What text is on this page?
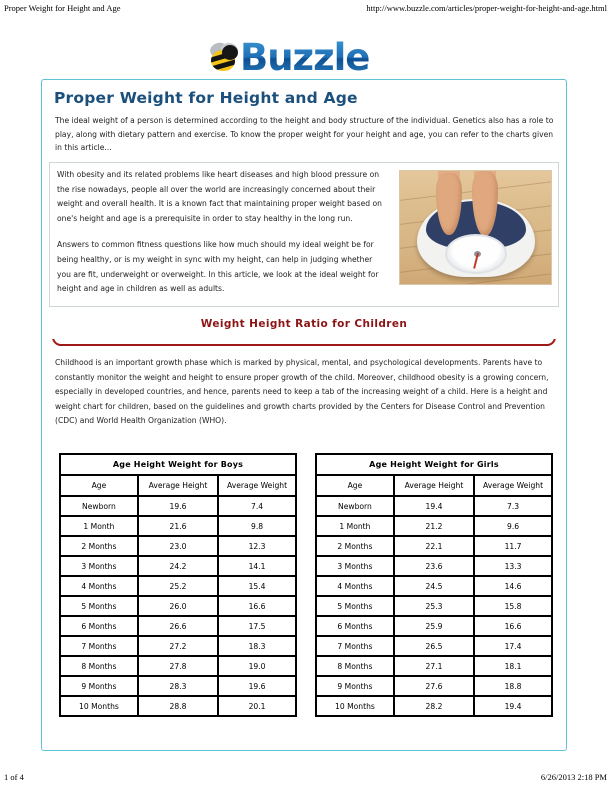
Proper Weight for Height and Age	http://www.buzzle.com/articles/proper-weight-for-height-and-age.html
Buzzle
Proper Weight for Height and Age
The ideal weight of a person is determined according to the height and body structure of the individual. Genetics also has a role to play, along with dietary pattern and exercise. To know the proper weight for your height and age, you can refer to the charts given in this article...

With obesity and its related problems like heart diseases and high blood pressure on the rise nowadays, people all over the world are increasingly concerned about their weight and overall health. It is a known fact that maintaining proper weight based on one's height and age is a prerequisite in order to stay healthy in the long run.

Answers to common fitness questions like how much should my ideal weight be for being healthy, or is my weight in sync with my height, can help in judging whether you are fit, underweight or overweight. In this article, we look at the ideal weight for height and age in children as well as adults.

Weight Height Ratio for Children
Childhood is an important growth phase which is marked by physical, mental, and psychological developments. Parents have to constantly monitor the weight and height to ensure proper growth of the child. Moreover, childhood obesity is a growing concern, especially in developed countries, and hence, parents need to keep a tab of the increasing weight of a child. Here is a height and weight chart for children, based on the guidelines and growth charts provided by the Centers for Disease Control and Prevention (CDC) and World Health Organization (WHO).
Age Height Weight for Boys		
Age	Average Height	Average Weight
Newborn	19.6	7.4
1 Month	21.6	9.8
2 Months	23.0	12.3
3 Months	24.2	14.1
4 Months	25.2	15.4
5 Months	26.0	16.6
6 Months	26.6	17.5
7 Months	27.2	18.3
8 Months	27.8	19.0
9 Months	28.3	19.6
10 Months	28.8	20.1
Age Height Weight for Girls		
Age	Average Height	Average Weight
Newborn	19.4	7.3
1 Month	21.2	9.6
2 Months	22.1	11.7
3 Months	23.6	13.3
4 Months	24.5	14.6
5 Months	25.3	15.8
6 Months	25.9	16.6
7 Months	26.5	17.4
8 Months	27.1	18.1
9 Months	27.6	18.8
10 Months	28.2	19.4
1 of 4	6/26/2013 2:18 PM
